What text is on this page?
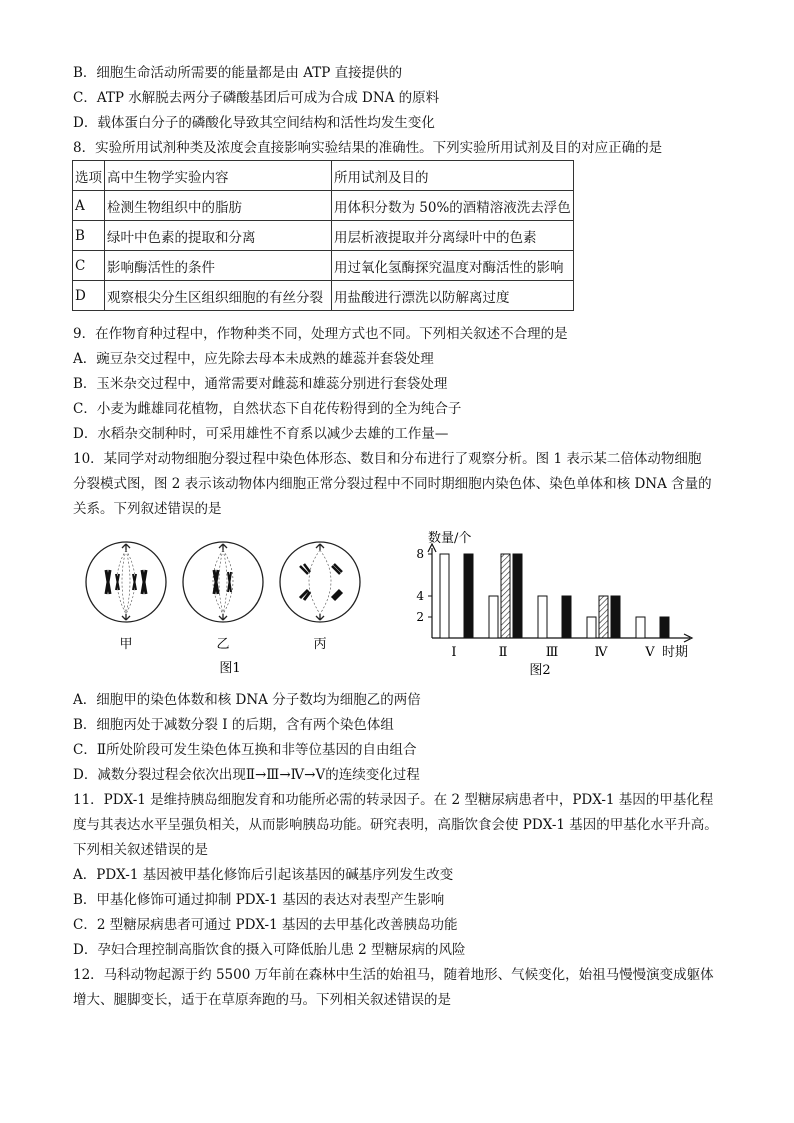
B．细胞生命活动所需要的能量都是由 ATP 直接提供的
C．ATP 水解脱去两分子磷酸基团后可成为合成 DNA 的原料
D．载体蛋白分子的磷酸化导致其空间结构和活性均发生变化
8．实验所用试剂种类及浓度会直接影响实验结果的准确性。下列实验所用试剂及目的对应正确的是
选项	高中生物学实验内容	所用试剂及目的
A	检测生物组织中的脂肪	用体积分数为 50%的酒精溶液洗去浮色
B	绿叶中色素的提取和分离	用层析液提取并分离绿叶中的色素
C	影响酶活性的条件	用过氧化氢酶探究温度对酶活性的影响
D	观察根尖分生区组织细胞的有丝分裂	用盐酸进行漂洗以防解离过度
9．在作物育种过程中，作物种类不同，处理方式也不同。下列相关叙述不合理的是
A．豌豆杂交过程中，应先除去母本未成熟的雄蕊并套袋处理
B．玉米杂交过程中，通常需要对雌蕊和雄蕊分别进行套袋处理
C．小麦为雌雄同花植物，自然状态下自花传粉得到的全为纯合子
D．水稻杂交制种时，可采用雄性不育系以减少去雄的工作量—
10．某同学对动物细胞分裂过程中染色体形态、数目和分布进行了观察分析。图 1 表示某二倍体动物细胞
分裂模式图，图 2 表示该动物体内细胞正常分裂过程中不同时期细胞内染色体、染色单体和核 DNA 含量的
关系。下列叙述错误的是
甲	乙	丙
图1
数量/个
2
4
8
Ⅰ	Ⅱ	Ⅲ	Ⅳ	Ⅴ 时期
图2
A．细胞甲的染色体数和核 DNA 分子数均为细胞乙的两倍
B．细胞丙处于减数分裂 I 的后期，含有两个染色体组
C．Ⅱ所处阶段可发生染色体互换和非等位基因的自由组合
D．减数分裂过程会依次出现Ⅱ→Ⅲ→Ⅳ→Ⅴ的连续变化过程
11．PDX-1 是维持胰岛细胞发育和功能所必需的转录因子。在 2 型糖尿病患者中，PDX-1 基因的甲基化程
度与其表达水平呈强负相关，从而影响胰岛功能。研究表明，高脂饮食会使 PDX-1 基因的甲基化水平升高。
下列相关叙述错误的是
A．PDX-1 基因被甲基化修饰后引起该基因的碱基序列发生改变
B．甲基化修饰可通过抑制 PDX-1 基因的表达对表型产生影响
C．2 型糖尿病患者可通过 PDX-1 基因的去甲基化改善胰岛功能
D．孕妇合理控制高脂饮食的摄入可降低胎儿患 2 型糖尿病的风险
12．马科动物起源于约 5500 万年前在森林中生活的始祖马，随着地形、气候变化，始祖马慢慢演变成躯体
增大、腿脚变长，适于在草原奔跑的马。下列相关叙述错误的是
